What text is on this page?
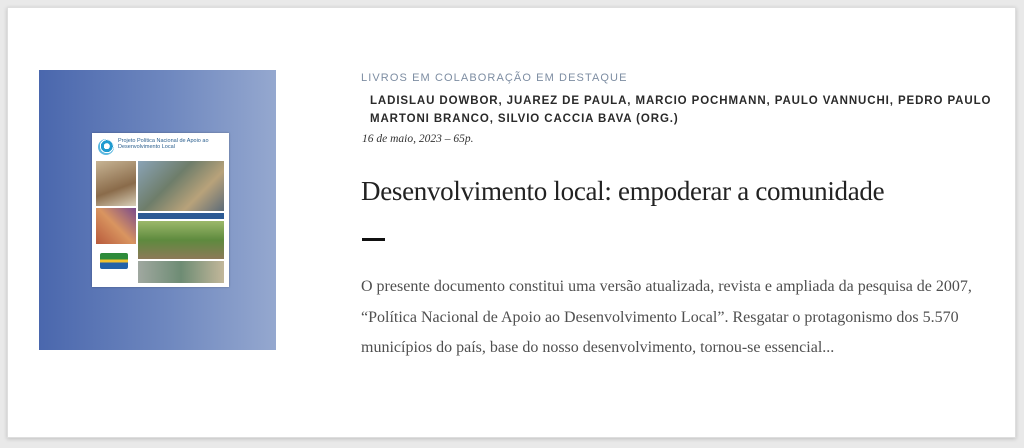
Projeto Política Nacional de Apoio ao Desenvolvimento Local
LIVROS EM COLABORAÇÃO EM DESTAQUE
LADISLAU DOWBOR, JUAREZ DE PAULA, MARCIO POCHMANN, PAULO VANNUCHI, PEDRO PAULO MARTONI BRANCO, SILVIO CACCIA BAVA (ORG.)
16 de maio, 2023 – 65p.
Desenvolvimento local: empoderar a comunidade
O presente documento constitui uma versão atualizada, revista e ampliada da pesquisa de 2007, “Política Nacional de Apoio ao Desenvolvimento Local”. Resgatar o protagonismo dos 5.570 municípios do país, base do nosso desenvolvimento, tornou-se essencial...
